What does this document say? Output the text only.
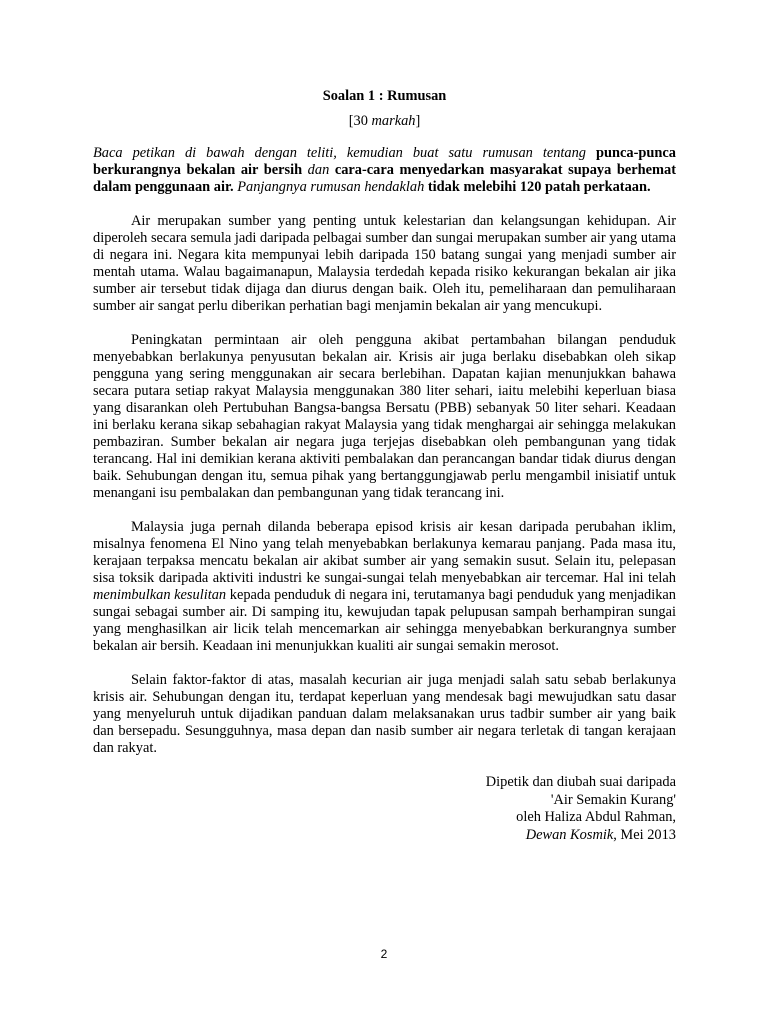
Soalan 1 : Rumusan

[30 markah]

Baca petikan di bawah dengan teliti, kemudian buat satu rumusan tentang punca-punca berkurangnya bekalan air bersih dan cara-cara menyedarkan masyarakat supaya berhemat dalam penggunaan air. Panjangnya rumusan hendaklah tidak melebihi 120 patah perkataan.

Air merupakan sumber yang penting untuk kelestarian dan kelangsungan kehidupan. Air diperoleh secara semula jadi daripada pelbagai sumber dan sungai merupakan sumber air yang utama di negara ini. Negara kita mempunyai lebih daripada 150 batang sungai yang menjadi sumber air mentah utama. Walau bagaimanapun, Malaysia terdedah kepada risiko kekurangan bekalan air jika sumber air tersebut tidak dijaga dan diurus dengan baik. Oleh itu, pemeliharaan dan pemuliharaan sumber air sangat perlu diberikan perhatian bagi menjamin bekalan air yang mencukupi.

Peningkatan permintaan air oleh pengguna akibat pertambahan bilangan penduduk menyebabkan berlakunya penyusutan bekalan air. Krisis air juga berlaku disebabkan oleh sikap pengguna yang sering menggunakan air secara berlebihan. Dapatan kajian menunjukkan bahawa secara putara setiap rakyat Malaysia menggunakan 380 liter sehari, iaitu melebihi keperluan biasa yang disarankan oleh Pertubuhan Bangsa-bangsa Bersatu (PBB) sebanyak 50 liter sehari. Keadaan ini berlaku kerana sikap sebahagian rakyat Malaysia yang tidak menghargai air sehingga melakukan pembaziran. Sumber bekalan air negara juga terjejas disebabkan oleh pembangunan yang tidak terancang. Hal ini demikian kerana aktiviti pembalakan dan perancangan bandar tidak diurus dengan baik. Sehubungan dengan itu, semua pihak yang bertanggungjawab perlu mengambil inisiatif untuk menangani isu pembalakan dan pembangunan yang tidak terancang ini.

Malaysia juga pernah dilanda beberapa episod krisis air kesan daripada perubahan iklim, misalnya fenomena El Nino yang telah menyebabkan berlakunya kemarau panjang. Pada masa itu, kerajaan terpaksa mencatu bekalan air akibat sumber air yang semakin susut. Selain itu, pelepasan sisa toksik daripada aktiviti industri ke sungai-sungai telah menyebabkan air tercemar. Hal ini telah menimbulkan kesulitan kepada penduduk di negara ini, terutamanya bagi penduduk yang menjadikan sungai sebagai sumber air. Di samping itu, kewujudan tapak pelupusan sampah berhampiran sungai yang menghasilkan air licik telah mencemarkan air sehingga menyebabkan berkurangnya sumber bekalan air bersih. Keadaan ini menunjukkan kualiti air sungai semakin merosot.

Selain faktor-faktor di atas, masalah kecurian air juga menjadi salah satu sebab berlakunya krisis air. Sehubungan dengan itu, terdapat keperluan yang mendesak bagi mewujudkan satu dasar yang menyeluruh untuk dijadikan panduan dalam melaksanakan urus tadbir sumber air yang baik dan bersepadu. Sesungguhnya, masa depan dan nasib sumber air negara terletak di tangan kerajaan dan rakyat.

Dipetik dan diubah suai daripada
'Air Semakin Kurang'
oleh Haliza Abdul Rahman,
Dewan Kosmik, Mei 2013
2
